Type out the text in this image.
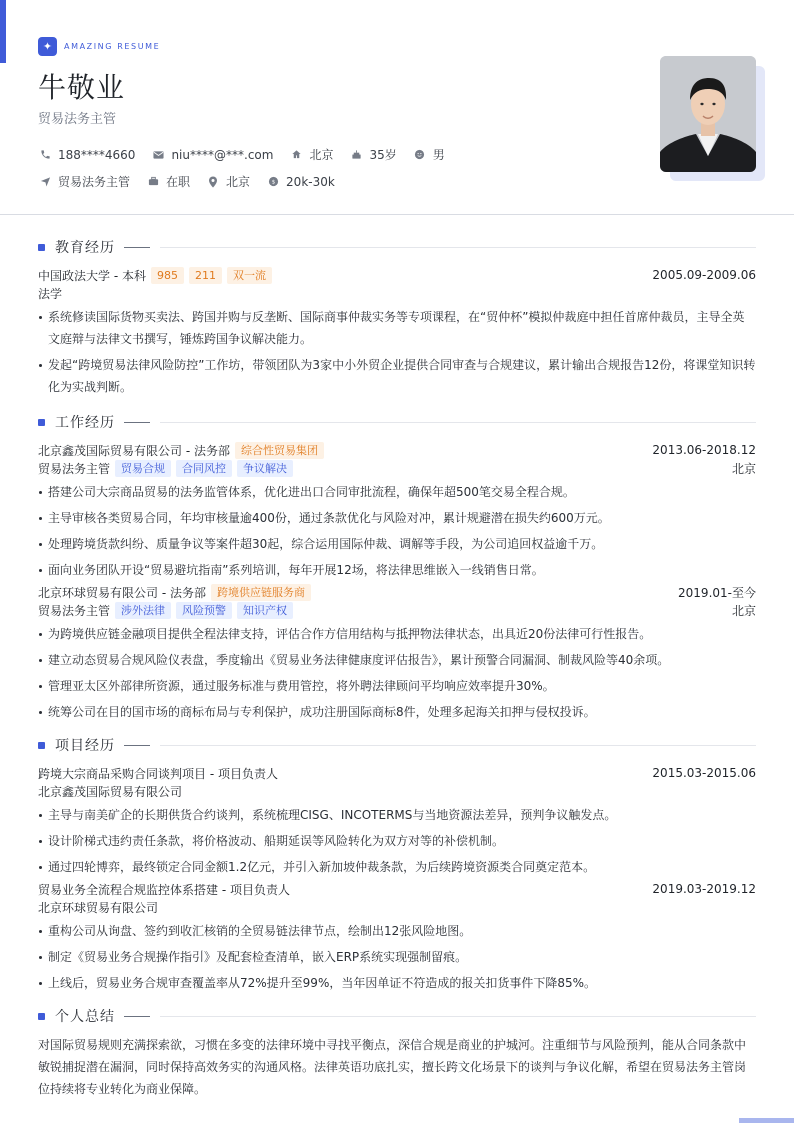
✦	AMAZING RESUME
牛敬业
贸易法务主管
188****4660	niu****@***.com	北京	35岁	男
贸易法务主管	在职	北京 $ 20k-30k
教育经历
中国政法大学 - 本科	985	211	双一流	2005.09-2009.06
法学
系统修读国际货物买卖法、跨国并购与反垄断、国际商事仲裁实务等专项课程，在“贸仲杯”模拟仲裁庭中担任首席仲裁员，主导全英文庭辩与法律文书撰写，锤炼跨国争议解决能力。
发起“跨境贸易法律风险防控”工作坊，带领团队为3家中小外贸企业提供合同审查与合规建议，累计输出合规报告12份，将课堂知识转化为实战判断。
工作经历
北京鑫茂国际贸易有限公司 - 法务部	综合性贸易集团	2013.06-2018.12
贸易法务主管	贸易合规	合同风控	争议解决	北京
搭建公司大宗商品贸易的法务监管体系，优化进出口合同审批流程，确保年超500笔交易全程合规。
主导审核各类贸易合同，年均审核量逾400份，通过条款优化与风险对冲，累计规避潜在损失约600万元。
处理跨境货款纠纷、质量争议等案件超30起，综合运用国际仲裁、调解等手段，为公司追回权益逾千万。
面向业务团队开设“贸易避坑指南”系列培训，每年开展12场，将法律思维嵌入一线销售日常。
北京环球贸易有限公司 - 法务部	跨境供应链服务商	2019.01-至今
贸易法务主管	涉外法律	风险预警	知识产权	北京
为跨境供应链金融项目提供全程法律支持，评估合作方信用结构与抵押物法律状态，出具近20份法律可行性报告。
建立动态贸易合规风险仪表盘，季度输出《贸易业务法律健康度评估报告》，累计预警合同漏洞、制裁风险等40余项。
管理亚太区外部律所资源，通过服务标准与费用管控，将外聘法律顾问平均响应效率提升30%。
统筹公司在目的国市场的商标布局与专利保护，成功注册国际商标8件，处理多起海关扣押与侵权投诉。
项目经历
跨境大宗商品采购合同谈判项目 - 项目负责人	2015.03-2015.06
北京鑫茂国际贸易有限公司
主导与南美矿企的长期供货合约谈判，系统梳理CISG、INCOTERMS与当地资源法差异，预判争议触发点。
设计阶梯式违约责任条款，将价格波动、船期延误等风险转化为双方对等的补偿机制。
通过四轮博弈，最终锁定合同金额1.2亿元，并引入新加坡仲裁条款，为后续跨境资源类合同奠定范本。
贸易业务全流程合规监控体系搭建 - 项目负责人	2019.03-2019.12
北京环球贸易有限公司
重构公司从询盘、签约到收汇核销的全贸易链法律节点，绘制出12张风险地图。
制定《贸易业务合规操作指引》及配套检查清单，嵌入ERP系统实现强制留痕。
上线后，贸易业务合规审查覆盖率从72%提升至99%，当年因单证不符造成的报关扣货事件下降85%。
个人总结
对国际贸易规则充满探索欲，习惯在多变的法律环境中寻找平衡点，深信合规是商业的护城河。注重细节与风险预判，能从合同条款中敏锐捕捉潜在漏洞，同时保持高效务实的沟通风格。法律英语功底扎实，擅长跨文化场景下的谈判与争议化解，希望在贸易法务主管岗位持续将专业转化为商业保障。
